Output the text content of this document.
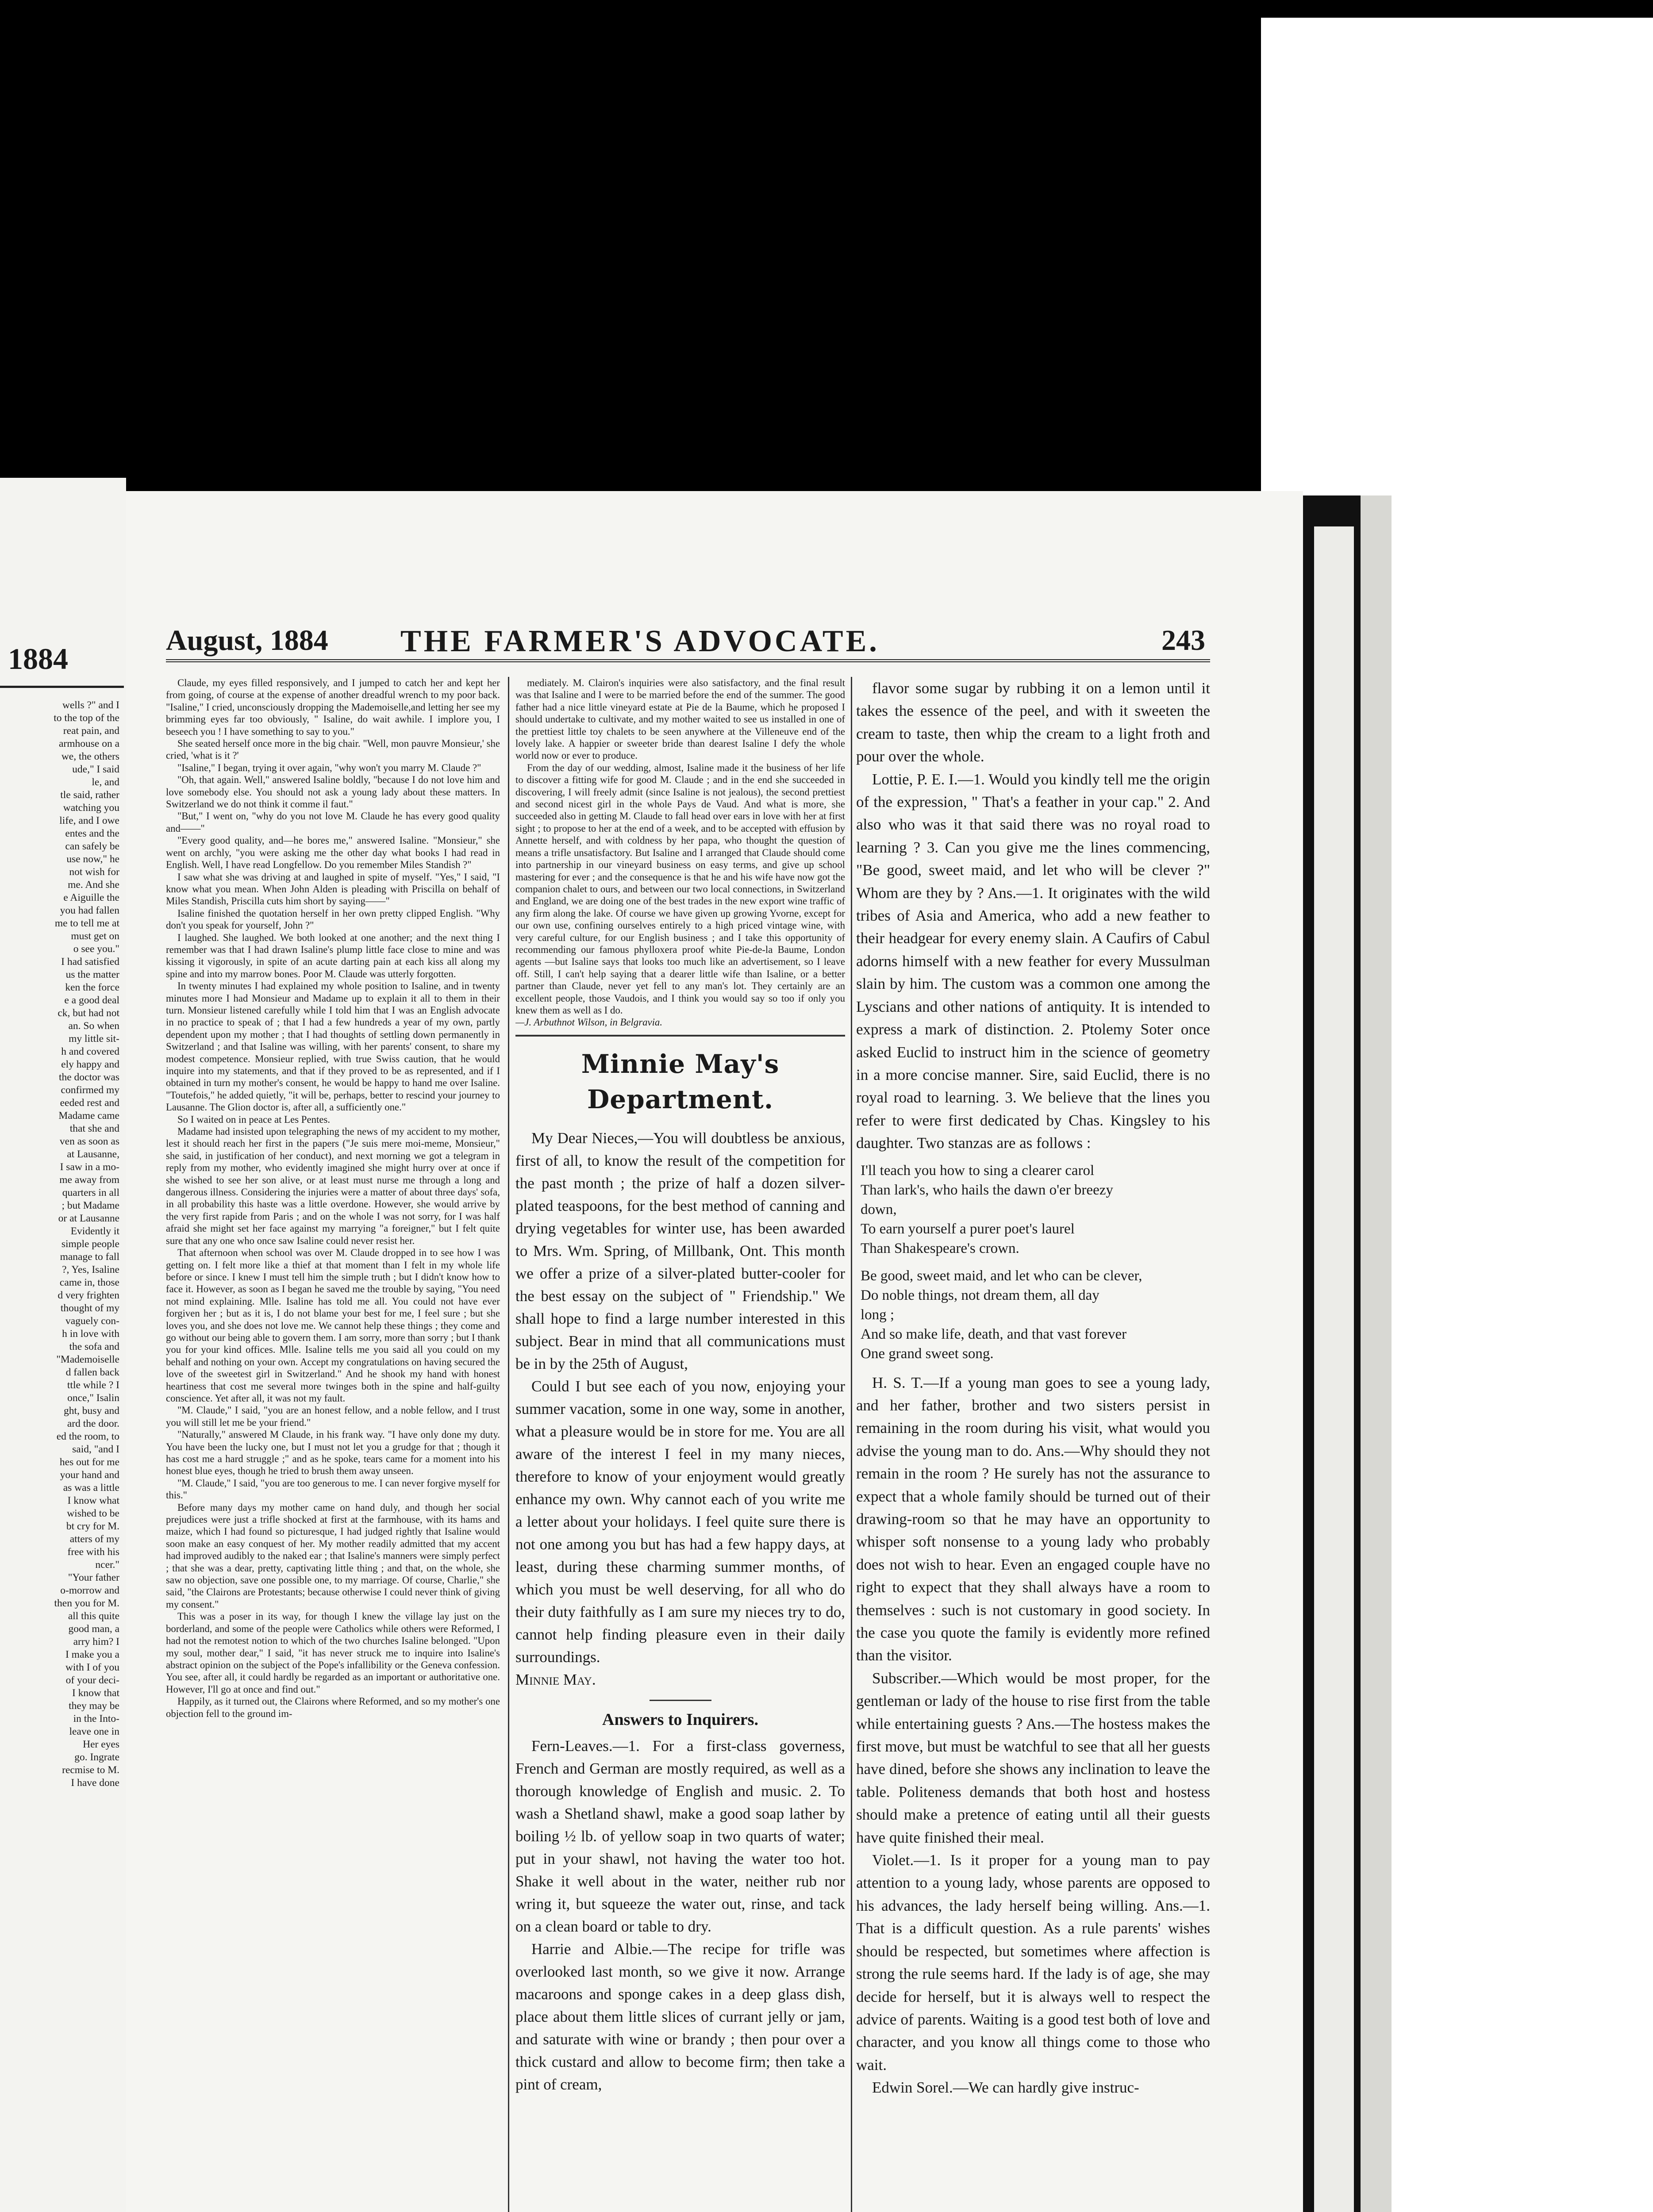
1884
wells ?" and I
to the top of the
reat pain, and
armhouse on a
we, the others
ude," I said
le, and
tle said, rather
watching you
life, and I owe
entes and the
can safely be
use now," he
not wish for
me. And she
e Aiguille the
you had fallen
me to tell me at
must get on
o see you."
I had satisfied
us the matter
ken the force
e a good deal
ck, but had not
an. So when
my little sit-
h and covered
ely happy and
the doctor was
confirmed my
eeded rest and
Madame came
that she and
ven as soon as
at Lausanne,
I saw in a mo-
me away from
quarters in all
; but Madame
or at Lausanne
Evidently it
simple people
manage to fall
?, Yes, Isaline
came in, those
d very frighten
thought of my
vaguely con-
h in love with
the sofa and
"Mademoiselle
d fallen back
ttle while ? I
once," Isalin
ght, busy and
ard the door.
ed the room, to
said, "and I
hes out for me
your hand and
as was a little
I know what
wished to be
bt cry for M.
atters of my
free with his
ncer."
"Your father
o-morrow and
then you for M.
all this quite
good man, a
arry him? I
I make you a
with I of you
of your deci-
I know that
they may be
in the Into-
leave one in
Her eyes
go. Ingrate
recmise to M.
I have done
August, 1884 THE FARMER'S ADVOCATE.	243

Claude, my eyes filled responsively, and I jumped to catch her and kept her from going, of course at the expense of another dreadful wrench to my poor back. "Isaline," I cried, unconsciously dropping the Mademoiselle,and letting her see my brimming eyes far too obviously, " Isaline, do wait awhile. I implore you, I beseech you ! I have something to say to you."

She seated herself once more in the big chair. "Well, mon pauvre Monsieur,' she cried, 'what is it ?'

"Isaline," I began, trying it over again, "why won't you marry M. Claude ?"

"Oh, that again. Well," answered Isaline boldly, "because I do not love him and love somebody else. You should not ask a young lady about these matters. In Switzerland we do not think it comme il faut."

"But," I went on, "why do you not love M. Claude he has every good quality and——"

"Every good quality, and—he bores me," answered Isaline. "Monsieur," she went on archly, "you were asking me the other day what books I had read in English. Well, I have read Longfellow. Do you remember Miles Standish ?"

I saw what she was driving at and laughed in spite of myself. "Yes," I said, "I know what you mean. When John Alden is pleading with Priscilla on behalf of Miles Standish, Priscilla cuts him short by saying——"

Isaline finished the quotation herself in her own pretty clipped English. "Why don't you speak for yourself, John ?"

I laughed. She laughed. We both looked at one another; and the next thing I remember was that I had drawn Isaline's plump little face close to mine and was kissing it vigorously, in spite of an acute darting pain at each kiss all along my spine and into my marrow bones. Poor M. Claude was utterly forgotten.

In twenty minutes I had explained my whole position to Isaline, and in twenty minutes more I had Monsieur and Madame up to explain it all to them in their turn. Monsieur listened carefully while I told him that I was an English advocate in no practice to speak of ; that I had a few hundreds a year of my own, partly dependent upon my mother ; that I had thoughts of settling down permanently in Switzerland ; and that Isaline was willing, with her parents' consent, to share my modest competence. Monsieur replied, with true Swiss caution, that he would inquire into my statements, and that if they proved to be as represented, and if I obtained in turn my mother's consent, he would be happy to hand me over Isaline. "Toutefois," he added quietly, "it will be, perhaps, better to rescind your journey to Lausanne. The Glion doctor is, after all, a sufficiently one."

So I waited on in peace at Les Pentes.

Madame had insisted upon telegraphing the news of my accident to my mother, lest it should reach her first in the papers ("Je suis mere moi-meme, Monsieur," she said, in justification of her conduct), and next morning we got a telegram in reply from my mother, who evidently imagined she might hurry over at once if she wished to see her son alive, or at least must nurse me through a long and dangerous illness. Considering the injuries were a matter of about three days' sofa, in all probability this haste was a little overdone. However, she would arrive by the very first rapide from Paris ; and on the whole I was not sorry, for I was half afraid she might set her face against my marrying "a foreigner," but I felt quite sure that any one who once saw Isaline could never resist her.

That afternoon when school was over M. Claude dropped in to see how I was getting on. I felt more like a thief at that moment than I felt in my whole life before or since. I knew I must tell him the simple truth ; but I didn't know how to face it. However, as soon as I began he saved me the trouble by saying, "You need not mind explaining. Mlle. Isaline has told me all. You could not have ever forgiven her ; but as it is, I do not blame your best for me, I feel sure ; but she loves you, and she does not love me. We cannot help these things ; they come and go without our being able to govern them. I am sorry, more than sorry ; but I thank you for your kind offices. Mlle. Isaline tells me you said all you could on my behalf and nothing on your own. Accept my congratulations on having secured the love of the sweetest girl in Switzerland." And he shook my hand with honest heartiness that cost me several more twinges both in the spine and half-guilty conscience. Yet after all, it was not my fault.

"M. Claude," I said, "you are an honest fellow, and a noble fellow, and I trust you will still let me be your friend."

"Naturally," answered M Claude, in his frank way. "I have only done my duty. You have been the lucky one, but I must not let you a grudge for that ; though it has cost me a hard struggle ;" and as he spoke, tears came for a moment into his honest blue eyes, though he tried to brush them away unseen.

"M. Claude," I said, "you are too generous to me. I can never forgive myself for this."

Before many days my mother came on hand duly, and though her social prejudices were just a trifle shocked at first at the farmhouse, with its hams and maize, which I had found so picturesque, I had judged rightly that Isaline would soon make an easy conquest of her. My mother readily admitted that my accent had improved audibly to the naked ear ; that Isaline's manners were simply perfect ; that she was a dear, pretty, captivating little thing ; and that, on the whole, she saw no objection, save one possible one, to my marriage. Of course, Charlie," she said, "the Clairons are Protestants; because otherwise I could never think of giving my consent."

This was a poser in its way, for though I knew the village lay just on the borderland, and some of the people were Catholics while others were Reformed, I had not the remotest notion to which of the two churches Isaline belonged. "Upon my soul, mother dear," I said, "it has never struck me to inquire into Isaline's abstract opinion on the subject of the Pope's infallibility or the Geneva confession. You see, after all, it could hardly be regarded as an important or authoritative one. However, I'll go at once and find out."

Happily, as it turned out, the Clairons where Reformed, and so my mother's one objection fell to the ground im-

mediately. M. Clairon's inquiries were also satisfactory, and the final result was that Isaline and I were to be married before the end of the summer. The good father had a nice little vineyard estate at Pie de la Baume, which he proposed I should undertake to cultivate, and my mother waited to see us installed in one of the prettiest little toy chalets to be seen anywhere at the Villeneuve end of the lovely lake. A happier or sweeter bride than dearest Isaline I defy the whole world now or ever to produce.

From the day of our wedding, almost, Isaline made it the business of her life to discover a fitting wife for good M. Claude ; and in the end she succeeded in discovering, I will freely admit (since Isaline is not jealous), the second prettiest and second nicest girl in the whole Pays de Vaud. And what is more, she succeeded also in getting M. Claude to fall head over ears in love with her at first sight ; to propose to her at the end of a week, and to be accepted with effusion by Annette herself, and with coldness by her papa, who thought the question of means a trifle unsatisfactory. But Isaline and I arranged that Claude should come into partnership in our vineyard business on easy terms, and give up school mastering for ever ; and the consequence is that he and his wife have now got the companion chalet to ours, and between our two local connections, in Switzerland and England, we are doing one of the best trades in the new export wine traffic of any firm along the lake. Of course we have given up growing Yvorne, except for our own use, confining ourselves entirely to a high priced vintage wine, with very careful culture, for our English business ; and I take this opportunity of recommending our famous phylloxera proof white Pie-de-la Baume, London agents —but Isaline says that looks too much like an advertisement, so I leave off. Still, I can't help saying that a dearer little wife than Isaline, or a better partner than Claude, never yet fell to any man's lot. They certainly are an excellent people, those Vaudois, and I think you would say so too if only you knew them as well as I do.

—J. Arbuthnot Wilson, in Belgravia.

Minnie May's Department.

My Dear Nieces,—You will doubtless be anxious, first of all, to know the result of the competition for the past month ; the prize of half a dozen silver-plated teaspoons, for the best method of canning and drying vegetables for winter use, has been awarded to Mrs. Wm. Spring, of Millbank, Ont. This month we offer a prize of a silver-plated butter-cooler for the best essay on the subject of " Friendship." We shall hope to find a large number interested in this subject. Bear in mind that all communications must be in by the 25th of August,

Could I but see each of you now, enjoying your summer vacation, some in one way, some in another, what a pleasure would be in store for me. You are all aware of the interest I feel in my many nieces, therefore to know of your enjoyment would greatly enhance my own. Why cannot each of you write me a letter about your holidays. I feel quite sure there is not one among you but has had a few happy days, at least, during these charming summer months, of which you must be well deserving, for all who do their duty faithfully as I am sure my nieces try to do, cannot help finding pleasure even in their daily surroundings.

Minnie May.

Answers to Inquirers.

Fern-Leaves.—1. For a first-class governess, French and German are mostly required, as well as a thorough knowledge of English and music. 2. To wash a Shetland shawl, make a good soap lather by boiling ½ lb. of yellow soap in two quarts of water; put in your shawl, not having the water too hot. Shake it well about in the water, neither rub nor wring it, but squeeze the water out, rinse, and tack on a clean board or table to dry.

Harrie and Albie.—The recipe for trifle was overlooked last month, so we give it now. Arrange macaroons and sponge cakes in a deep glass dish, place about them little slices of currant jelly or jam, and saturate with wine or brandy ; then pour over a thick custard and allow to become firm; then take a pint of cream,

flavor some sugar by rubbing it on a lemon until it takes the essence of the peel, and with it sweeten the cream to taste, then whip the cream to a light froth and pour over the whole.

Lottie, P. E. I.—1. Would you kindly tell me the origin of the expression, " That's a feather in your cap." 2. And also who was it that said there was no royal road to learning ? 3. Can you give me the lines commencing, "Be good, sweet maid, and let who will be clever ?" Whom are they by ? Ans.—1. It originates with the wild tribes of Asia and America, who add a new feather to their headgear for every enemy slain. A Caufirs of Cabul adorns himself with a new feather for every Mussulman slain by him. The custom was a common one among the Lyscians and other nations of antiquity. It is intended to express a mark of distinction. 2. Ptolemy Soter once asked Euclid to instruct him in the science of geometry in a more concise manner. Sire, said Euclid, there is no royal road to learning. 3. We believe that the lines you refer to were first dedicated by Chas. Kingsley to his daughter. Two stanzas are as follows :

I'll teach you how to sing a clearer carol
Than lark's, who hails the dawn o'er breezy
down,
To earn yourself a purer poet's laurel
Than Shakespeare's crown.

Be good, sweet maid, and let who can be clever,
Do noble things, not dream them, all day
long ;
And so make life, death, and that vast forever
One grand sweet song.

H. S. T.—If a young man goes to see a young lady, and her father, brother and two sisters persist in remaining in the room during his visit, what would you advise the young man to do. Ans.—Why should they not remain in the room ? He surely has not the assurance to expect that a whole family should be turned out of their drawing-room so that he may have an opportunity to whisper soft nonsense to a young lady who probably does not wish to hear. Even an engaged couple have no right to expect that they shall always have a room to themselves : such is not customary in good society. In the case you quote the family is evidently more refined than the visitor.

Subscriber.—Which would be most proper, for the gentleman or lady of the house to rise first from the table while entertaining guests ? Ans.—The hostess makes the first move, but must be watchful to see that all her guests have dined, before she shows any inclination to leave the table. Politeness demands that both host and hostess should make a pretence of eating until all their guests have quite finished their meal.

Violet.—1. Is it proper for a young man to pay attention to a young lady, whose parents are opposed to his advances, the lady herself being willing. Ans.—1. That is a difficult question. As a rule parents' wishes should be respected, but sometimes where affection is strong the rule seems hard. If the lady is of age, she may decide for herself, but it is always well to respect the advice of parents. Waiting is a good test both of love and character, and you know all things come to those who wait.

Edwin Sorel.—We can hardly give instruc-
